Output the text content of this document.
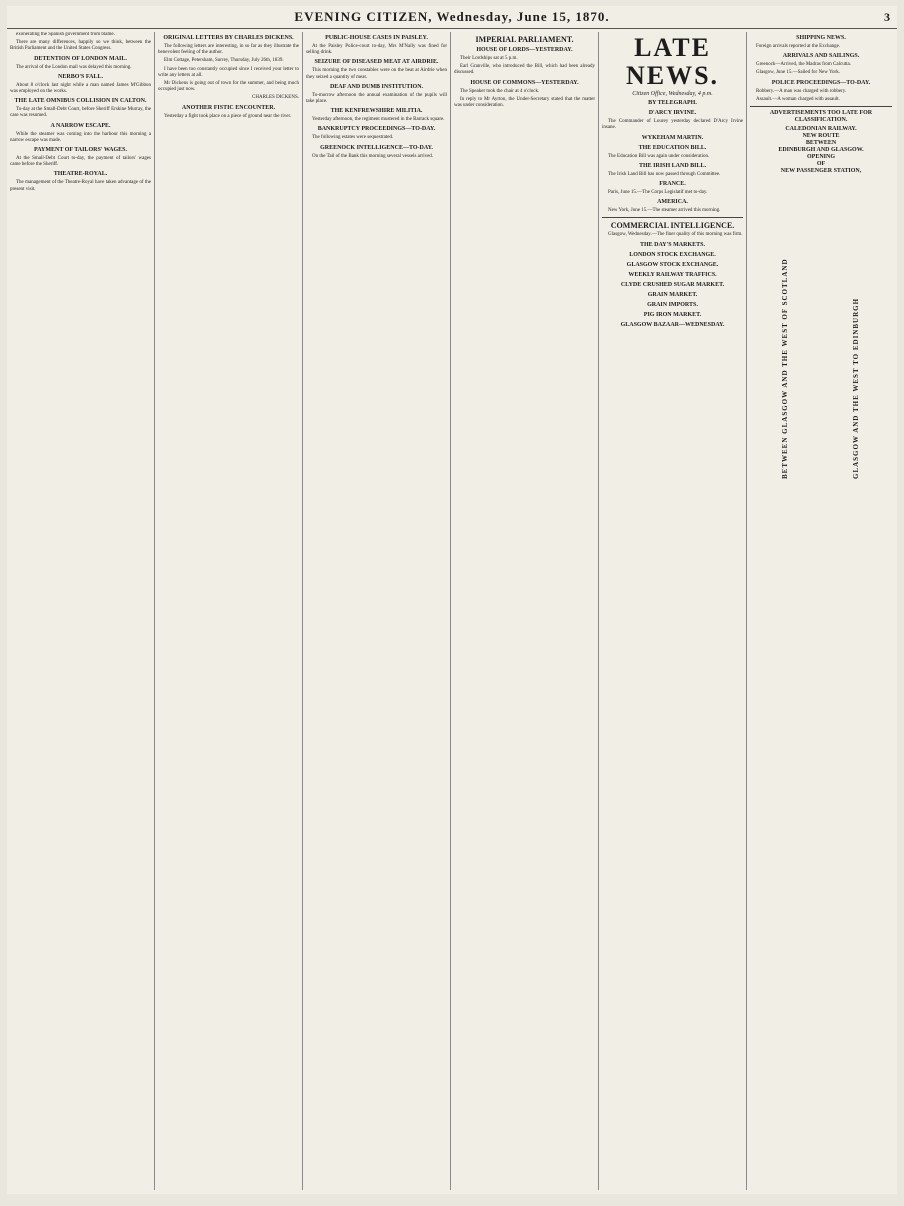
EVENING CITIZEN, Wednesday, June 15, 1870.	3

exonerating the Spanish government from blame.

There are many differences, happily so we think, between the British Parliament and the United States Congress.

DETENTION OF LONDON MAIL.

The arrival of the London mail was delayed this morning.

NERBO'S FALL.

About 8 o'clock last night while a man named James M'Gibbon was employed on the works.

THE LATE OMNIBUS COLLISION IN CALTON.

To-day at the Small-Debt Court, before Sheriff Erskine Murray, the case was resumed.

A NARROW ESCAPE.

While the steamer was coming into the harbour this morning a narrow escape was made.

PAYMENT OF TAILORS' WAGES.

At the Small-Debt Court to-day, the payment of tailors' wages came before the Sheriff.

THEATRE-ROYAL.

The management of the Theatre-Royal have taken advantage of the present visit.

ORIGINAL LETTERS BY CHARLES DICKENS.

The following letters are interesting, in so far as they illustrate the benevolent feeling of the author.

Elm Cottage, Petersham, Surrey, Thursday, July 26th, 1839.

I have been too constantly occupied since I received your letter to write any letters at all.

Mr Dickens is going out of town for the summer, and being much occupied just now.

CHARLES DICKENS.

ANOTHER FISTIC ENCOUNTER.

Yesterday a fight took place on a piece of ground near the river.

PUBLIC-HOUSE CASES IN PAISLEY.

At the Paisley Police-court to-day, Mrs M'Nally was fined for selling drink.

SEIZURE OF DISEASED MEAT AT AIRDRIE.

This morning the two constables were on the beat at Airdrie when they seized a quantity of meat.

DEAF AND DUMB INSTITUTION.

To-morrow afternoon the annual examination of the pupils will take place.

THE KENFREWSHIRE MILITIA.

Yesterday afternoon, the regiment mustered in the Barrack square.

BANKRUPTCY PROCEEDINGS—TO-DAY.

The following estates were sequestrated.

GREENOCK INTELLIGENCE—TO-DAY.

On the Tail of the Bank this morning several vessels arrived.

IMPERIAL PARLIAMENT.
HOUSE OF LORDS—YESTERDAY.

Their Lordships sat at 5 p.m.

Earl Granville, who introduced the Bill, which had been already discussed.

HOUSE OF COMMONS—YESTERDAY.

The Speaker took the chair at 4 o'clock.

In reply to Mr Ayrton, the Under-Secretary stated that the matter was under consideration.

LATE NEWS.
Citizen Office, Wednesday, 4 p.m.
BY TELEGRAPH.
D'ARCY IRVINE.

The Commander of Lourey yesterday declared D'Arcy Irvine insane.

WYKEHAM MARTIN.
THE EDUCATION BILL.

The Education Bill was again under consideration.

THE IRISH LAND BILL.

The Irish Land Bill has now passed through Committee.

FRANCE.

Paris, June 15.—The Corps Legislatif met to-day.

AMERICA.

New York, June 15.—The steamer arrived this morning.

COMMERCIAL INTELLIGENCE.

Glasgow, Wednesday.—The finer quality of this morning was firm.

THE DAY'S MARKETS.
LONDON STOCK EXCHANGE.
GLASGOW STOCK EXCHANGE.
WEEKLY RAILWAY TRAFFICS.
CLYDE CRUSHED SUGAR MARKET.
GRAIN MARKET.
GRAIN IMPORTS.
PIG IRON MARKET.
GLASGOW BAZAAR—WEDNESDAY.
SHIPPING NEWS.

Foreign arrivals reported at the Exchange.

ARRIVALS AND SAILINGS.

Greenock—Arrived, the Madras from Calcutta.

Glasgow, June 15.—Sailed for New York.

POLICE PROCEEDINGS—TO-DAY.

Robbery.—A man was charged with robbery.

Assault.—A woman charged with assault.

ADVERTISEMENTS TOO LATE FOR CLASSIFICATION.
CALEDONIAN RAILWAY.
NEW ROUTE
BETWEEN
EDINBURGH AND GLASGOW.
OPENING
OF
NEW PASSENGER STATION,
BETWEEN GLASGOW AND THE WEST OF SCOTLAND	GLASGOW AND THE WEST TO EDINBURGH
